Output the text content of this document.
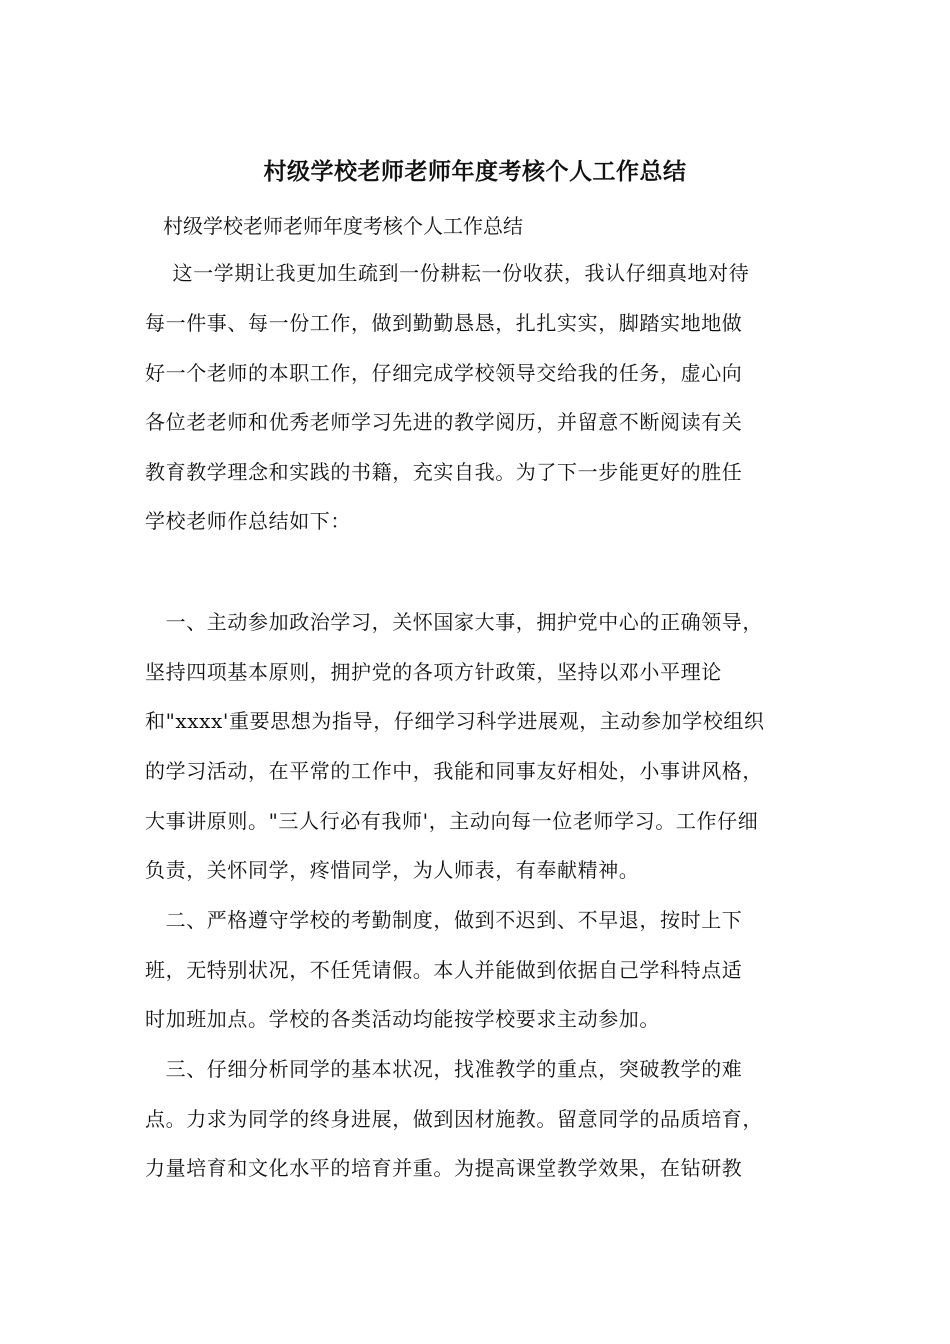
村级学校老师老师年度考核个人工作总结

村级学校老师老师年度考核个人工作总结

　 这一学期让我更加生疏到一份耕耘一份收获，我认仔细真地对待

每一件事、每一份工作，做到勤勤恳恳，扎扎实实，脚踏实地地做

好一个老师的本职工作，仔细完成学校领导交给我的任务，虚心向

各位老老师和优秀老师学习先进的教学阅历，并留意不断阅读有关

教育教学理念和实践的书籍，充实自我。为了下一步能更好的胜任

学校老师作总结如下：

　一、主动参加政治学习，关怀国家大事，拥护党中心的正确领导，

坚持四项基本原则，拥护党的各项方针政策，坚持以邓小平理论

和"xxxx'重要思想为指导，仔细学习科学进展观，主动参加学校组织

的学习活动，在平常的工作中，我能和同事友好相处，小事讲风格，

大事讲原则。"三人行必有我师'，主动向每一位老师学习。工作仔细

负责，关怀同学，疼惜同学，为人师表，有奉献精神。

　二、严格遵守学校的考勤制度，做到不迟到、不早退，按时上下

班，无特别状况，不任凭请假。本人并能做到依据自己学科特点适

时加班加点。学校的各类活动均能按学校要求主动参加。

　三、仔细分析同学的基本状况，找准教学的重点，突破教学的难

点。力求为同学的终身进展，做到因材施教。留意同学的品质培育，

力量培育和文化水平的培育并重。为提高课堂教学效果，在钻研教
